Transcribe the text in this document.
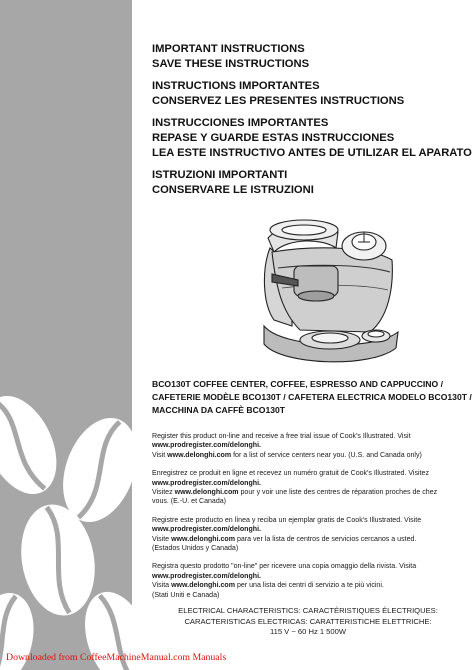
IMPORTANT INSTRUCTIONS
SAVE THESE INSTRUCTIONS
INSTRUCTIONS IMPORTANTES
CONSERVEZ LES PRESENTES INSTRUCTIONS
INSTRUCCIONES IMPORTANTES
REPASE Y GUARDE ESTAS INSTRUCCIONES
LEA ESTE INSTRUCTIVO ANTES DE UTILIZAR EL APARATO
ISTRUZIONI IMPORTANTI
CONSERVARE LE ISTRUZIONI
BCO130T COFFEE CENTER, COFFEE, ESPRESSO AND CAPPUCCINO /
CAFETERIE MODÈLE BCO130T / CAFETERA ELECTRICA MODELO BCO130T /
MACCHINA DA CAFFÈ BCO130T
Register this product on-line and receive a free trial issue of Cook's Illustrated. Visit
www.prodregister.com/delonghi.
Visit www.delonghi.com for a list of service centers near you. (U.S. and Canada only)
Enregistrez ce produit en ligne et recevez un numéro gratuit de Cook's Illustrated. Visitez
www.prodregister.com/delonghi.
Visitez www.delonghi.com pour y voir une liste des centres de réparation proches de chez
vous. (E.-U. et Canada)
Registre este producto en línea y reciba un ejemplar gratis de Cook's Illustrated. Visite
www.prodregister.com/delonghi.
Visite www.delonghi.com para ver la lista de centros de servicios cercanos a usted.
(Estados Unidos y Canada)
Registra questo prodotto "on-line" per ricevere una copia omaggio della rivista. Visita
www.prodregister.com/delonghi.
Visita www.delonghi.com per una lista dei centri di servizio a te più vicini.
(Stati Uniti e Canada)
ELECTRICAL CHARACTERISTICS: CARACTÉRISTIQUES ÉLECTRIQUES:
CARACTERISTICAS ELECTRICAS: CARATTERISTICHE ELETTRICHE:
115 V ~ 60 Hz 1 500W
Downloaded from CoffeeMachineManual.com Manuals
